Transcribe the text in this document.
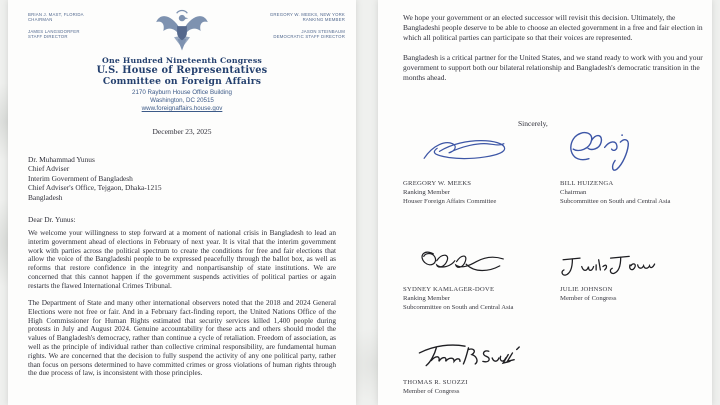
BRIAN J. MAST, FLORIDA
CHAIRMAN
JAMES LANGSDORFER
STAFF DIRECTOR
GREGORY W. MEEKS, NEW YORK
RANKING MEMBER
JASON STEINBAUM
DEMOCRATIC STAFF DIRECTOR
One Hundred Nineteenth Congress
U.S. House of Representatives
Committee on Foreign Affairs
2170 Rayburn House Office Building
Washington, DC 20515
www.foreignaffairs.house.gov
December 23, 2025
Dr. Muhammad Yunus
Chief Adviser
Interim Government of Bangladesh
Chief Adviser's Office, Tejgaon, Dhaka-1215
Bangladesh
Dear Dr. Yunus:
We welcome your willingness to step forward at a moment of national crisis in Bangladesh to lead an interim government ahead of elections in February of next year. It is vital that the interim government work with parties across the political spectrum to create the conditions for free and fair elections that allow the voice of the Bangladeshi people to be expressed peacefully through the ballot box, as well as reforms that restore confidence in the integrity and nonpartisanship of state institutions. We are concerned that this cannot happen if the government suspends activities of political parties or again restarts the flawed International Crimes Tribunal.
The Department of State and many other international observers noted that the 2018 and 2024 General Elections were not free or fair. And in a February fact-finding report, the United Nations Office of the High Commissioner for Human Rights estimated that security services killed 1,400 people during protests in July and August 2024. Genuine accountability for these acts and others should model the values of Bangladesh's democracy, rather than continue a cycle of retaliation. Freedom of association, as well as the principle of individual rather than collective criminal responsibility, are fundamental human rights. We are concerned that the decision to fully suspend the activity of any one political party, rather than focus on persons determined to have committed crimes or gross violations of human rights through the due process of law, is inconsistent with those principles.
We hope your government or an elected successor will revisit this decision. Ultimately, the Bangladeshi people deserve to be able to choose an elected government in a free and fair election in which all political parties can participate so that their voices are represented.
Bangladesh is a critical partner for the United States, and we stand ready to work with you and your government to support both our bilateral relationship and Bangladesh's democratic transition in the months ahead.
Sincerely,
GREGORY W. MEEKS
Ranking Member
Houser Foreign Affairs Committee
BILL HUIZENGA
Chairman
Subcommittee on South and Central Asia
SYDNEY KAMLAGER-DOVE
Ranking Member
Subcommittee on South and Central Asia
JULIE JOHNSON
Member of Congress
THOMAS R. SUOZZI
Member of Congress
